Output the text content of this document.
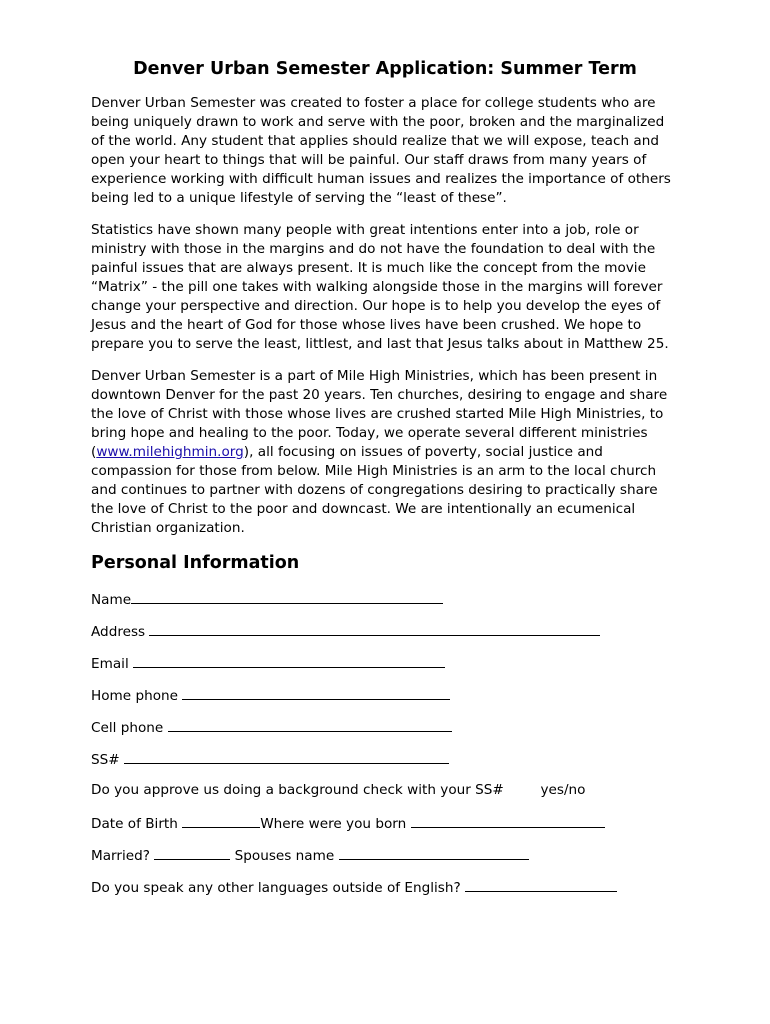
Denver Urban Semester Application: Summer Term

Denver Urban Semester was created to foster a place for college students who are
being uniquely drawn to work and serve with the poor, broken and the marginalized
of the world. Any student that applies should realize that we will expose, teach and
open your heart to things that will be painful. Our staff draws from many years of
experience working with difficult human issues and realizes the importance of others
being led to a unique lifestyle of serving the “least of these”.

Statistics have shown many people with great intentions enter into a job, role or
ministry with those in the margins and do not have the foundation to deal with the
painful issues that are always present. It is much like the concept from the movie
“Matrix” - the pill one takes with walking alongside those in the margins will forever
change your perspective and direction. Our hope is to help you develop the eyes of
Jesus and the heart of God for those whose lives have been crushed. We hope to
prepare you to serve the least, littlest, and last that Jesus talks about in Matthew 25.

Denver Urban Semester is a part of Mile High Ministries, which has been present in
downtown Denver for the past 20 years. Ten churches, desiring to engage and share
the love of Christ with those whose lives are crushed started Mile High Ministries, to
bring hope and healing to the poor. Today, we operate several different ministries
(www.milehighmin.org), all focusing on issues of poverty, social justice and
compassion for those from below. Mile High Ministries is an arm to the local church
and continues to partner with dozens of congregations desiring to practically share
the love of Christ to the poor and downcast. We are intentionally an ecumenical
Christian organization.

Personal Information
Name
Address
Email
Home phone
Cell phone
SS#
Do you approve us doing a background check with your SS#	yes/no
Date of Birth	Where were you born
Married?	Spouses name
Do you speak any other languages outside of English?
